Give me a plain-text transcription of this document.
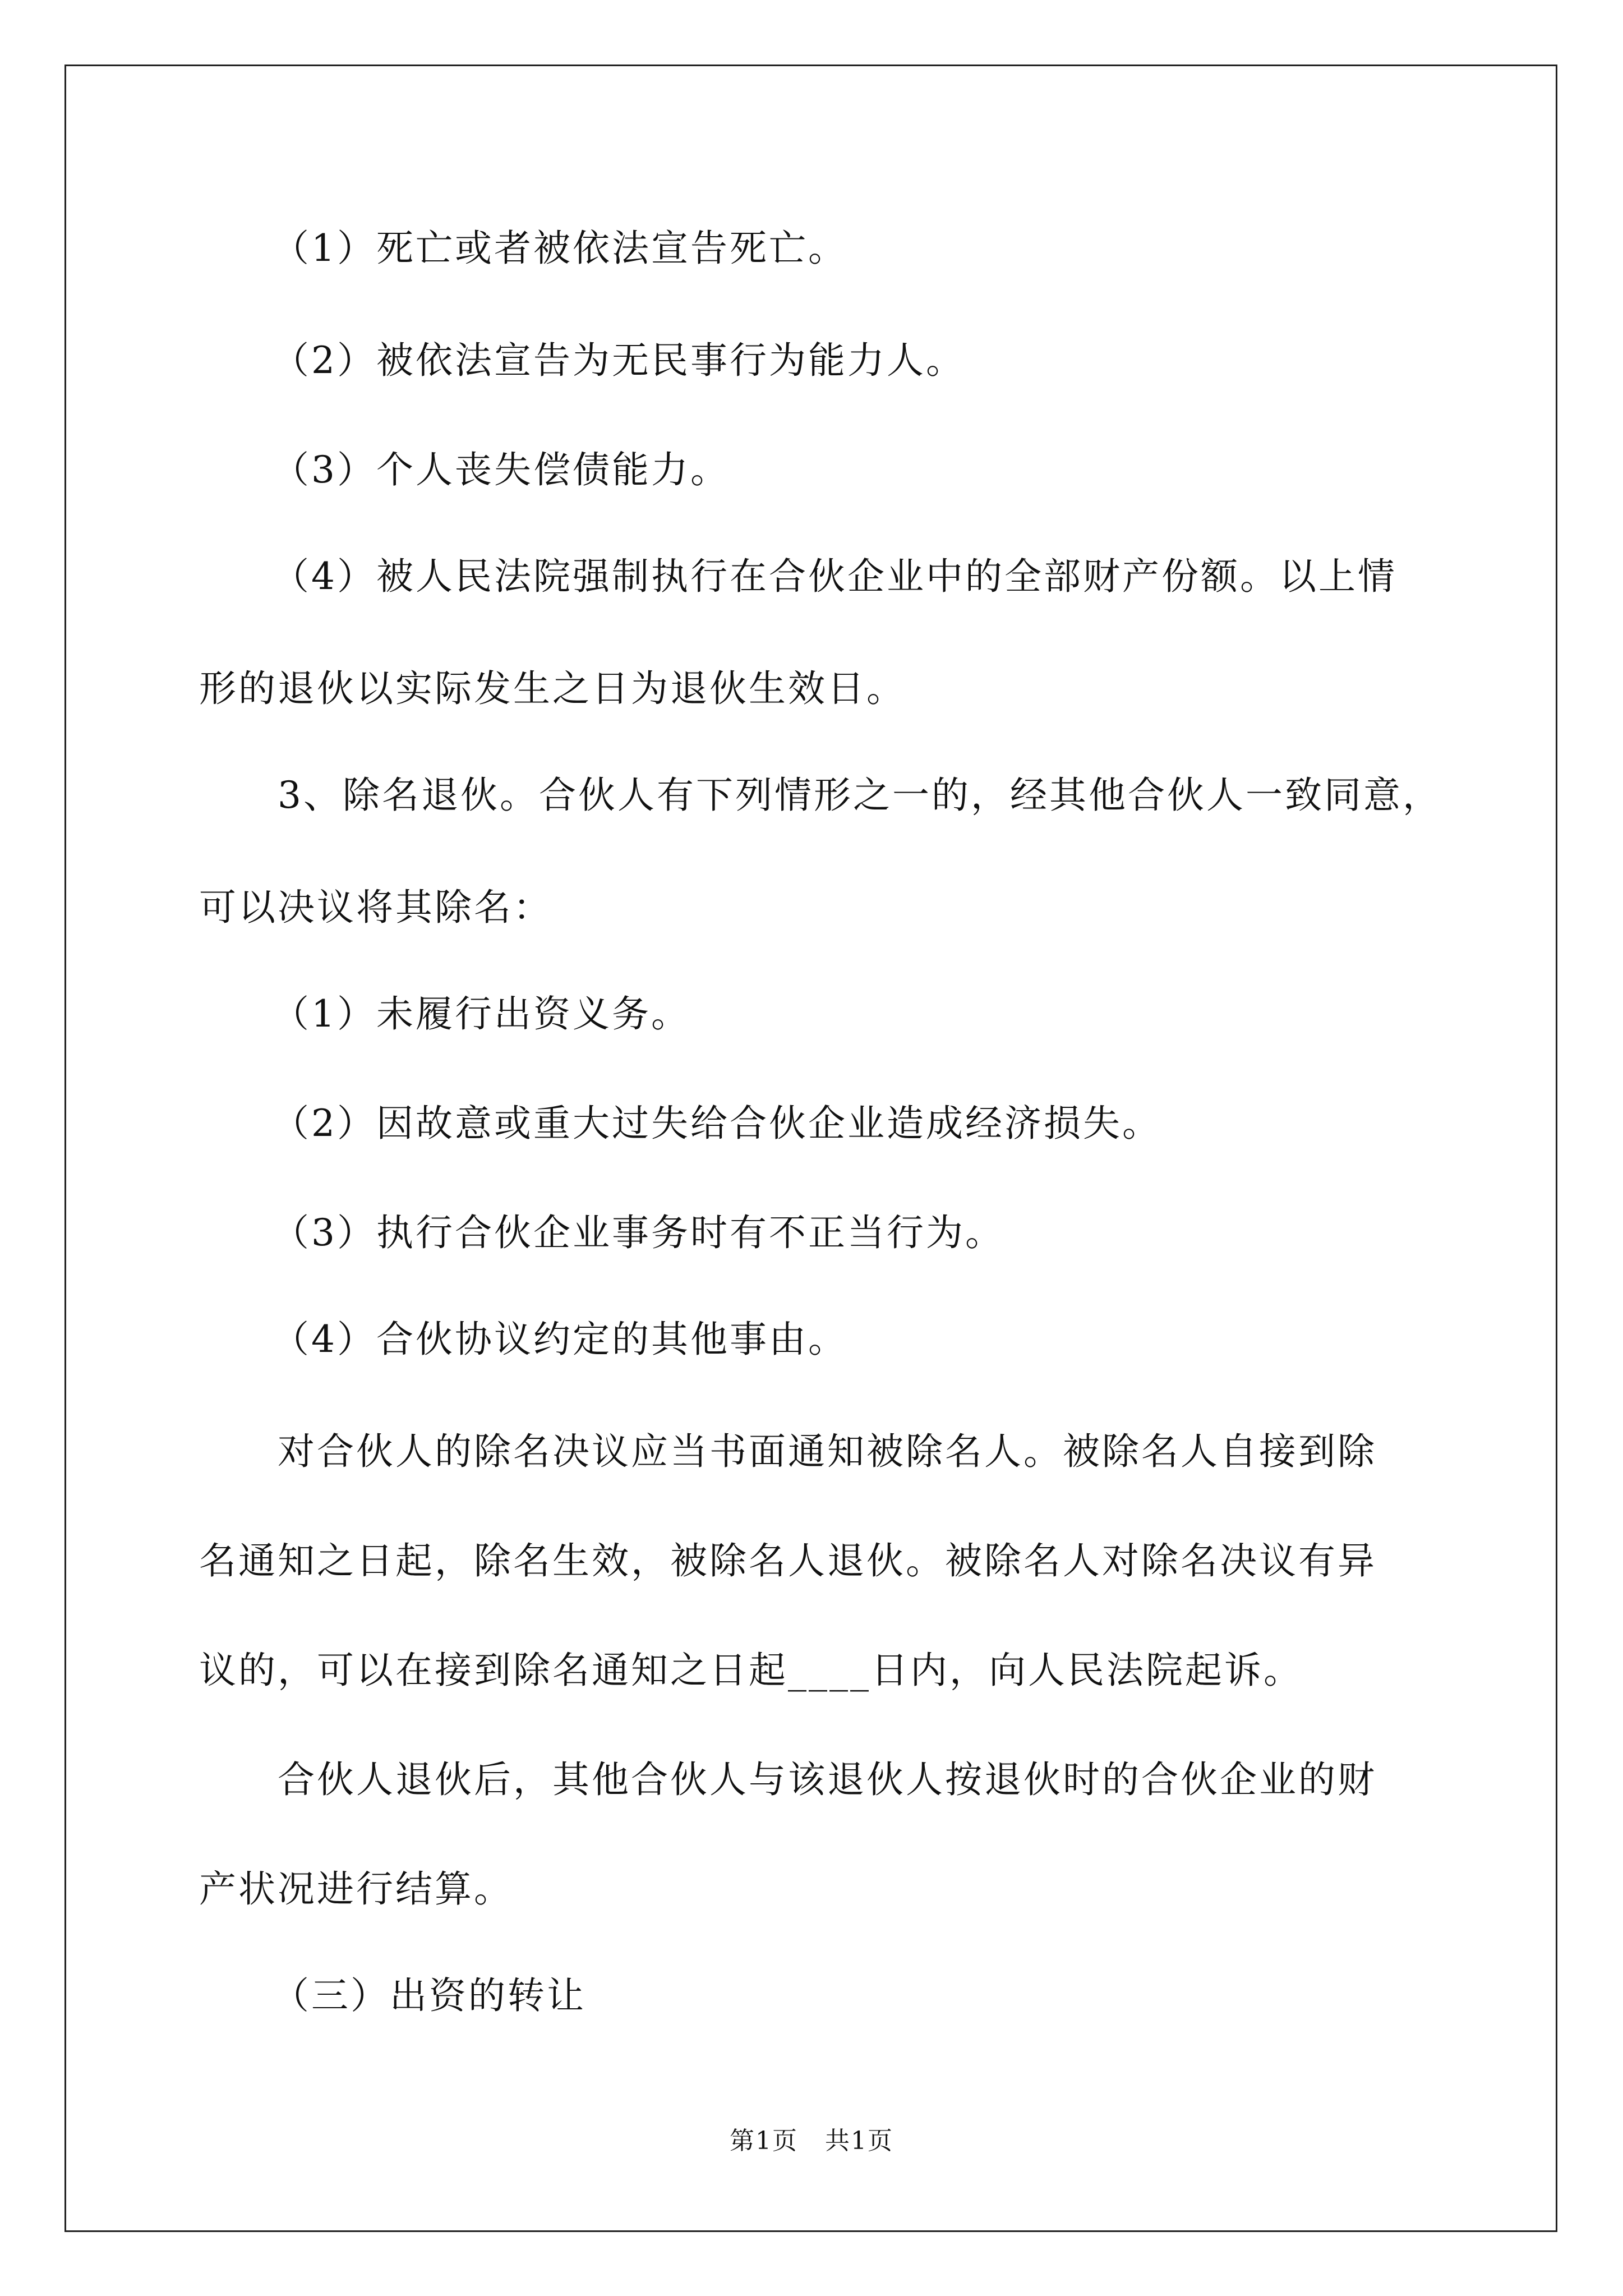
（1）死亡或者被依法宣告死亡。
（2）被依法宣告为无民事行为能力人。
（3）个人丧失偿债能力。
（4）被人民法院强制执行在合伙企业中的全部财产份额。以上情
形的退伙以实际发生之日为退伙生效日。
3、除名退伙。合伙人有下列情形之一的，经其他合伙人一致同意，
可以决议将其除名：
（1）未履行出资义务。
（2）因故意或重大过失给合伙企业造成经济损失。
（3）执行合伙企业事务时有不正当行为。
（4）合伙协议约定的其他事由。
对合伙人的除名决议应当书面通知被除名人。被除名人自接到除
名通知之日起，除名生效，被除名人退伙。被除名人对除名决议有异
议的，可以在接到除名通知之日起____日内，向人民法院起诉。
合伙人退伙后，其他合伙人与该退伙人按退伙时的合伙企业的财
产状况进行结算。
（三）出资的转让
第1页   共1页
